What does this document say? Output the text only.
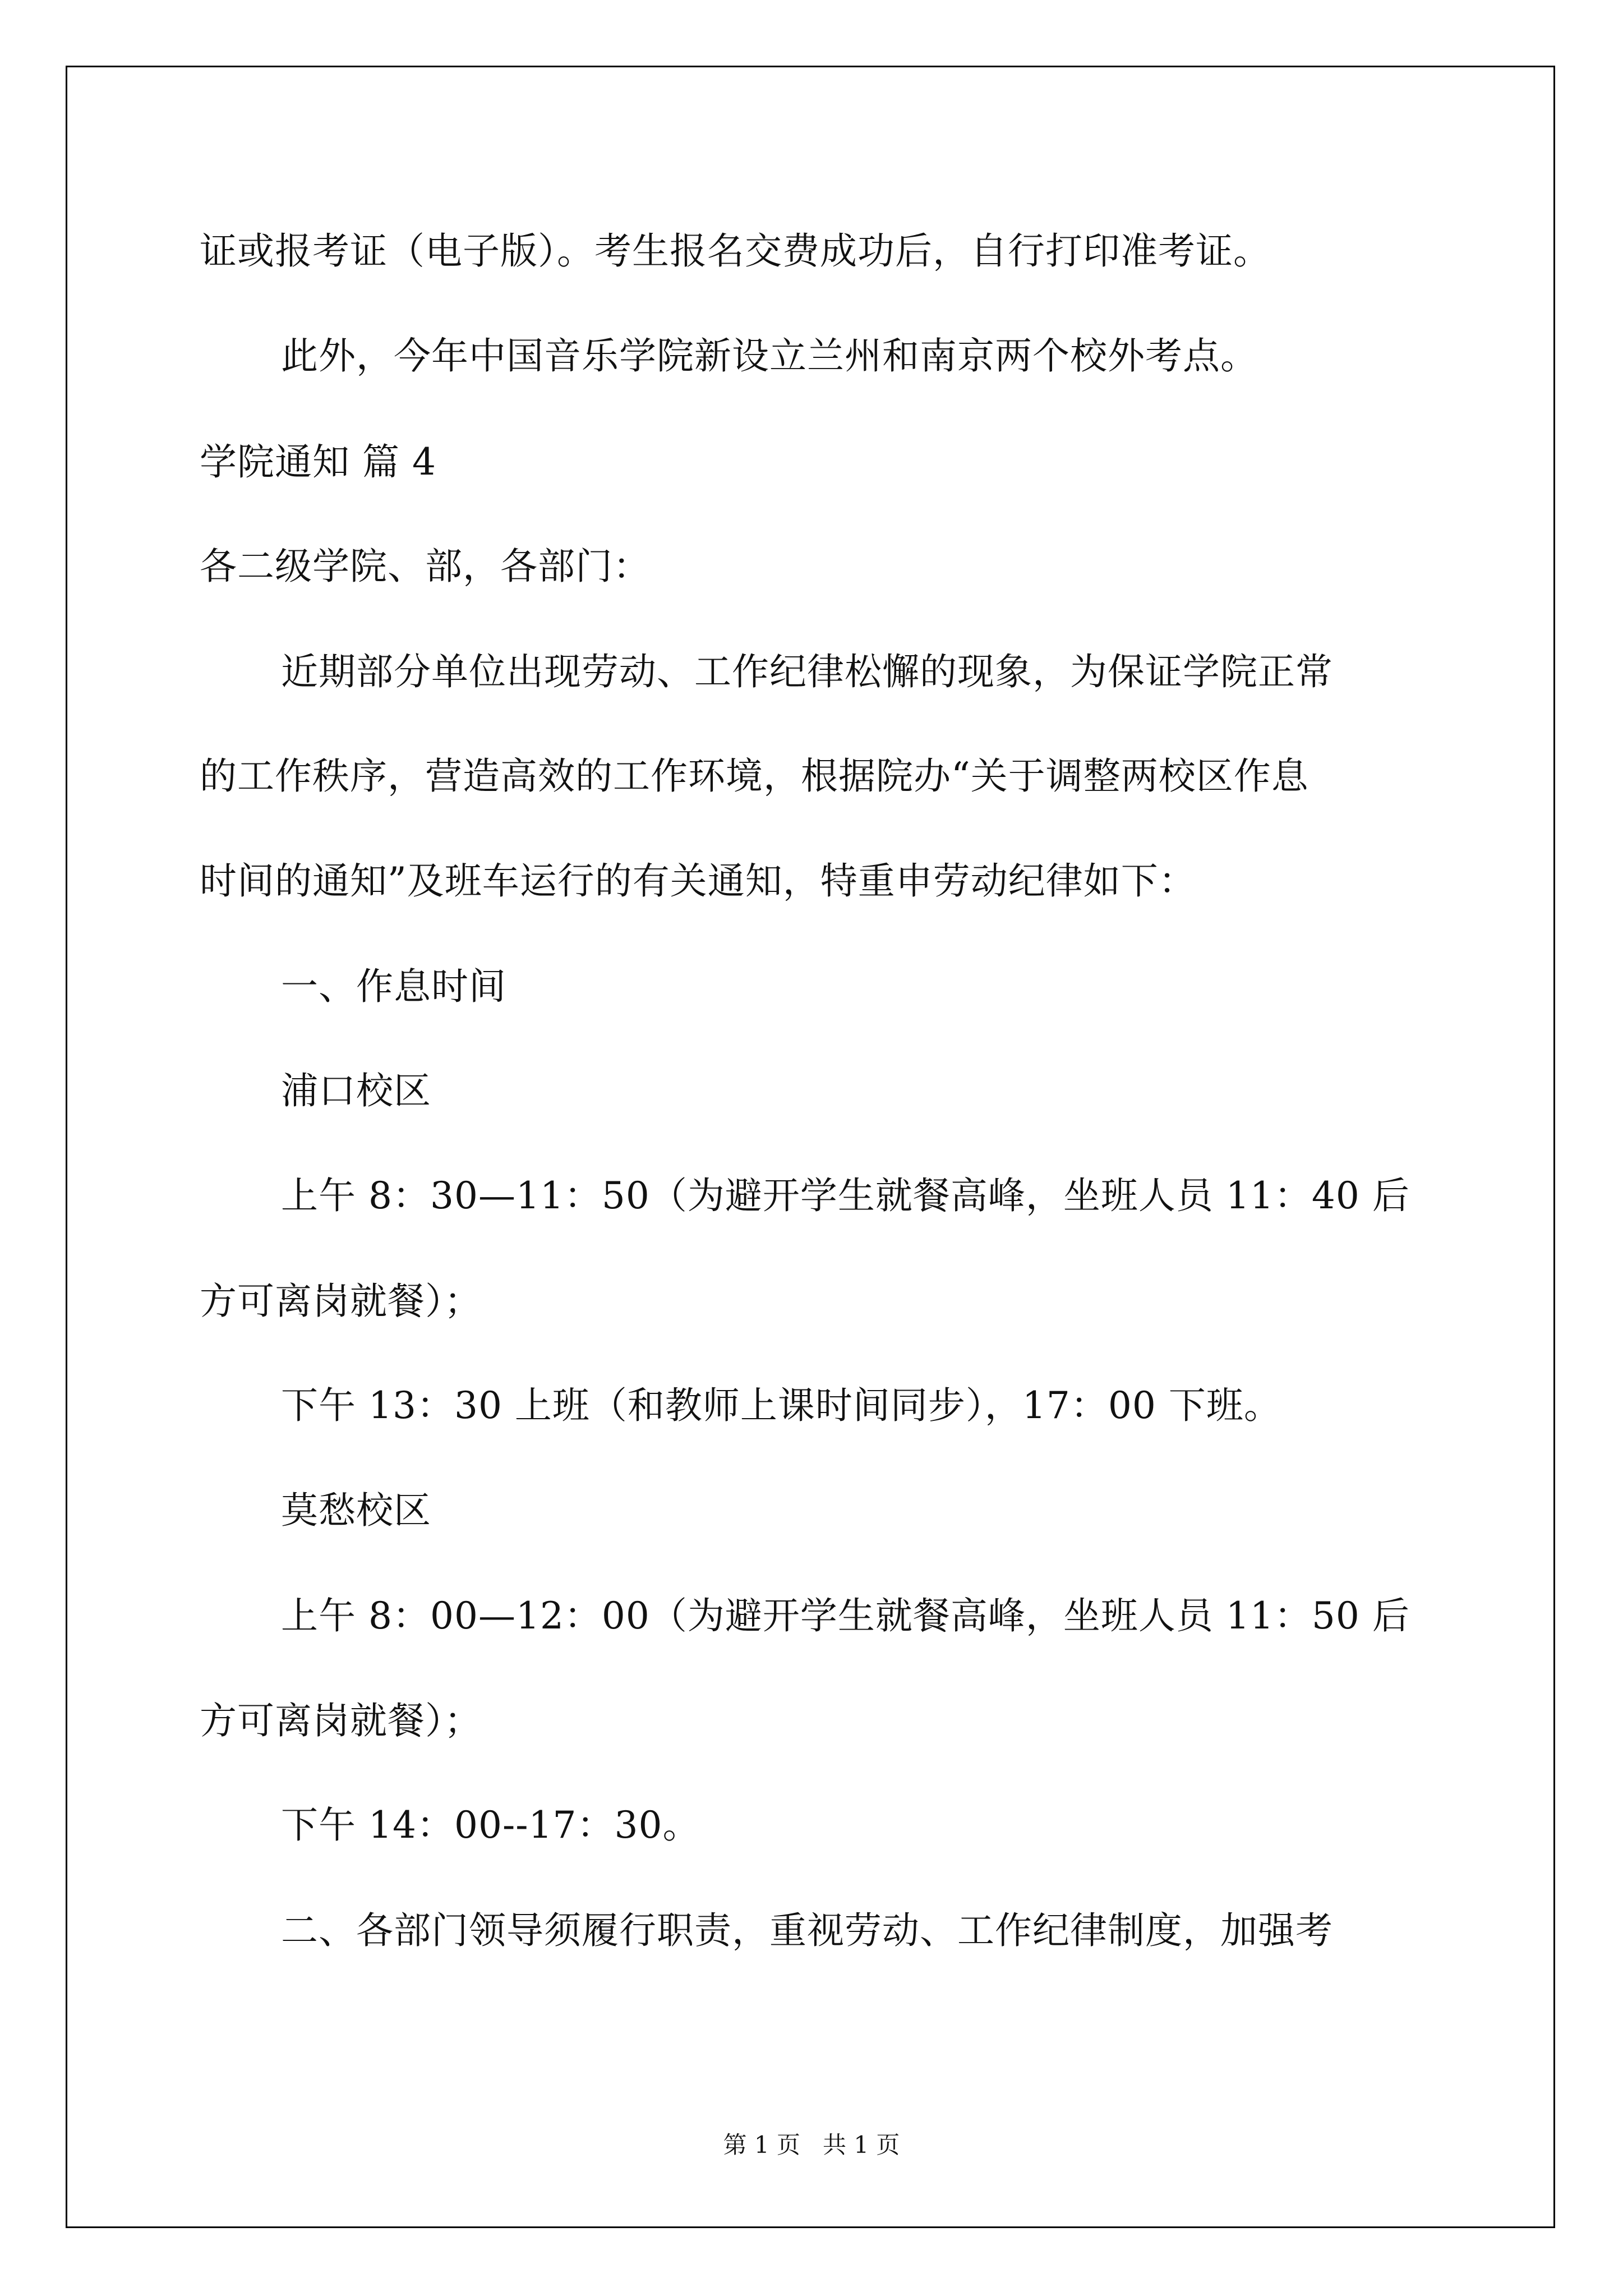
证或报考证（电子版）。考生报名交费成功后，自行打印准考证。
此外，今年中国音乐学院新设立兰州和南京两个校外考点。
学院通知 篇 4
各二级学院、部，各部门：
近期部分单位出现劳动、工作纪律松懈的现象，为保证学院正常
的工作秩序，营造高效的工作环境，根据院办“关于调整两校区作息
时间的通知”及班车运行的有关通知，特重申劳动纪律如下：
一、作息时间
浦口校区
上午 8：30—11：50（为避开学生就餐高峰，坐班人员 11：40 后
方可离岗就餐）；
下午 13：30 上班（和教师上课时间同步），17：00 下班。
莫愁校区
上午 8：00—12：00（为避开学生就餐高峰，坐班人员 11：50 后
方可离岗就餐）；
下午 14：00--17：30。
二、各部门领导须履行职责，重视劳动、工作纪律制度，加强考
第 1 页 共 1 页
